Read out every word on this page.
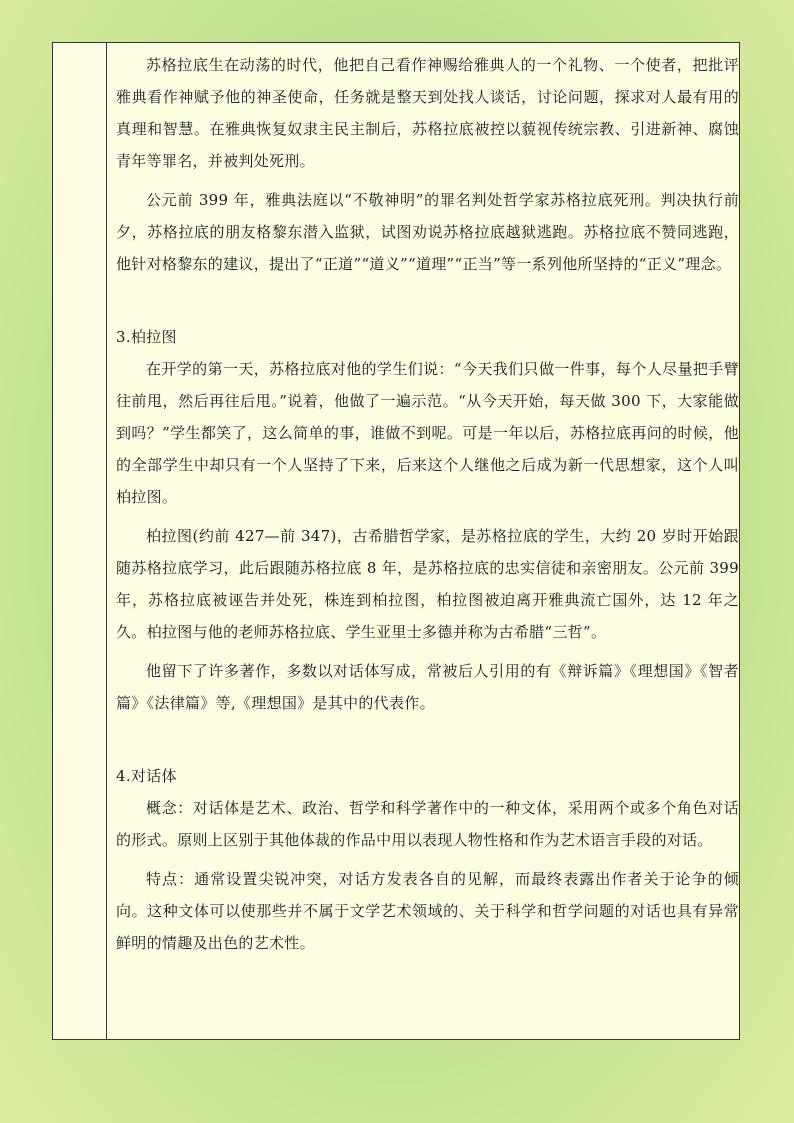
苏格拉底生在动荡的时代，他把自己看作神赐给雅典人的一个礼物、一个使者，把批评雅典看作神赋予他的神圣使命，任务就是整天到处找人谈话，讨论问题，探求对人最有用的真理和智慧。在雅典恢复奴隶主民主制后，苏格拉底被控以藐视传统宗教、引进新神、腐蚀青年等罪名，并被判处死刑。

公元前 399 年，雅典法庭以“不敬神明”的罪名判处哲学家苏格拉底死刑。判决执行前夕，苏格拉底的朋友格黎东潜入监狱，试图劝说苏格拉底越狱逃跑。苏格拉底不赞同逃跑，他针对格黎东的建议，提出了“正道”“道义”“道理”“正当”等一系列他所坚持的“正义”理念。

3.柏拉图

在开学的第一天，苏格拉底对他的学生们说：“今天我们只做一件事，每个人尽量把手臂往前甩，然后再往后甩。”说着，他做了一遍示范。“从今天开始，每天做 300 下，大家能做到吗？”学生都笑了，这么简单的事，谁做不到呢。可是一年以后，苏格拉底再问的时候，他的全部学生中却只有一个人坚持了下来，后来这个人继他之后成为新一代思想家，这个人叫柏拉图。

柏拉图(约前 427—前 347)，古希腊哲学家，是苏格拉底的学生，大约 20 岁时开始跟随苏格拉底学习，此后跟随苏格拉底 8 年，是苏格拉底的忠实信徒和亲密朋友。公元前 399 年，苏格拉底被诬告并处死，株连到柏拉图，柏拉图被迫离开雅典流亡国外，达 12 年之久。柏拉图与他的老师苏格拉底、学生亚里士多德并称为古希腊“三哲”。

他留下了许多著作，多数以对话体写成，常被后人引用的有《辩诉篇》《理想国》《智者篇》《法律篇》等,《理想国》是其中的代表作。

4.对话体

概念：对话体是艺术、政治、哲学和科学著作中的一种文体，采用两个或多个角色对话的形式。原则上区别于其他体裁的作品中用以表现人物性格和作为艺术语言手段的对话。

特点：通常设置尖锐冲突，对话方发表各自的见解，而最终表露出作者关于论争的倾向。这种文体可以使那些并不属于文学艺术领域的、关于科学和哲学问题的对话也具有异常鲜明的情趣及出色的艺术性。
